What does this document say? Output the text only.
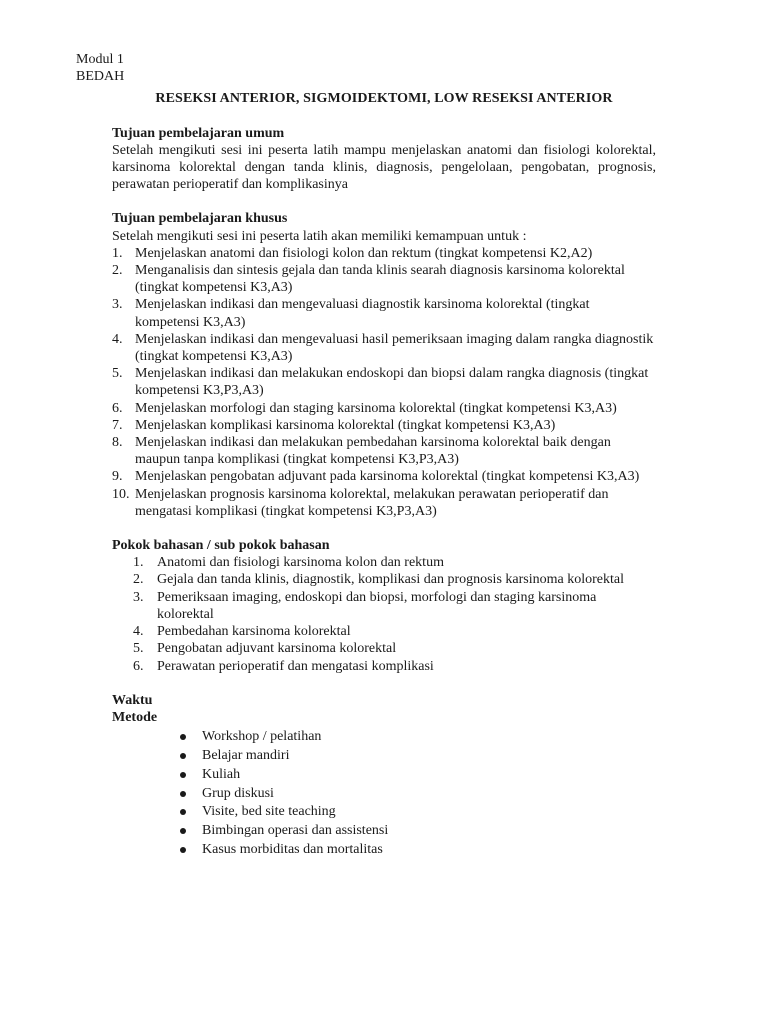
Modul 1
BEDAH
RESEKSI ANTERIOR, SIGMOIDEKTOMI, LOW RESEKSI ANTERIOR
Tujuan pembelajaran umum
Setelah mengikuti sesi ini peserta latih mampu menjelaskan anatomi dan fisiologi kolorektal, karsinoma kolorektal dengan tanda klinis, diagnosis, pengelolaan, pengobatan, prognosis, perawatan perioperatif dan komplikasinya
Tujuan pembelajaran khusus
Setelah mengikuti sesi ini peserta latih akan memiliki kemampuan untuk :
1. Menjelaskan anatomi dan fisiologi kolon dan rektum (tingkat kompetensi K2,A2)
2. Menganalisis dan sintesis gejala dan tanda klinis searah diagnosis karsinoma kolorektal (tingkat kompetensi K3,A3)
3. Menjelaskan indikasi dan mengevaluasi diagnostik karsinoma kolorektal (tingkat kompetensi K3,A3)
4. Menjelaskan indikasi dan mengevaluasi hasil pemeriksaan imaging dalam rangka diagnostik (tingkat kompetensi K3,A3)
5. Menjelaskan indikasi dan melakukan endoskopi dan biopsi dalam rangka diagnosis (tingkat kompetensi K3,P3,A3)
6. Menjelaskan morfologi dan staging karsinoma kolorektal (tingkat kompetensi K3,A3)
7. Menjelaskan komplikasi karsinoma kolorektal (tingkat kompetensi K3,A3)
8. Menjelaskan indikasi dan melakukan pembedahan karsinoma kolorektal baik dengan maupun tanpa komplikasi (tingkat kompetensi K3,P3,A3)
9. Menjelaskan pengobatan adjuvant pada karsinoma kolorektal (tingkat kompetensi K3,A3)
10. Menjelaskan prognosis karsinoma kolorektal, melakukan perawatan perioperatif dan mengatasi komplikasi (tingkat kompetensi K3,P3,A3)
Pokok bahasan / sub pokok bahasan
1. Anatomi dan fisiologi karsinoma kolon dan rektum
2. Gejala dan tanda klinis, diagnostik, komplikasi dan prognosis karsinoma kolorektal
3. Pemeriksaan imaging, endoskopi dan biopsi, morfologi dan staging karsinoma kolorektal
4. Pembedahan karsinoma kolorektal
5. Pengobatan adjuvant karsinoma kolorektal
6. Perawatan perioperatif dan mengatasi komplikasi
Waktu
Metode
Workshop / pelatihan
Belajar mandiri
Kuliah
Grup diskusi
Visite, bed site teaching
Bimbingan operasi dan assistensi
Kasus morbiditas dan mortalitas
